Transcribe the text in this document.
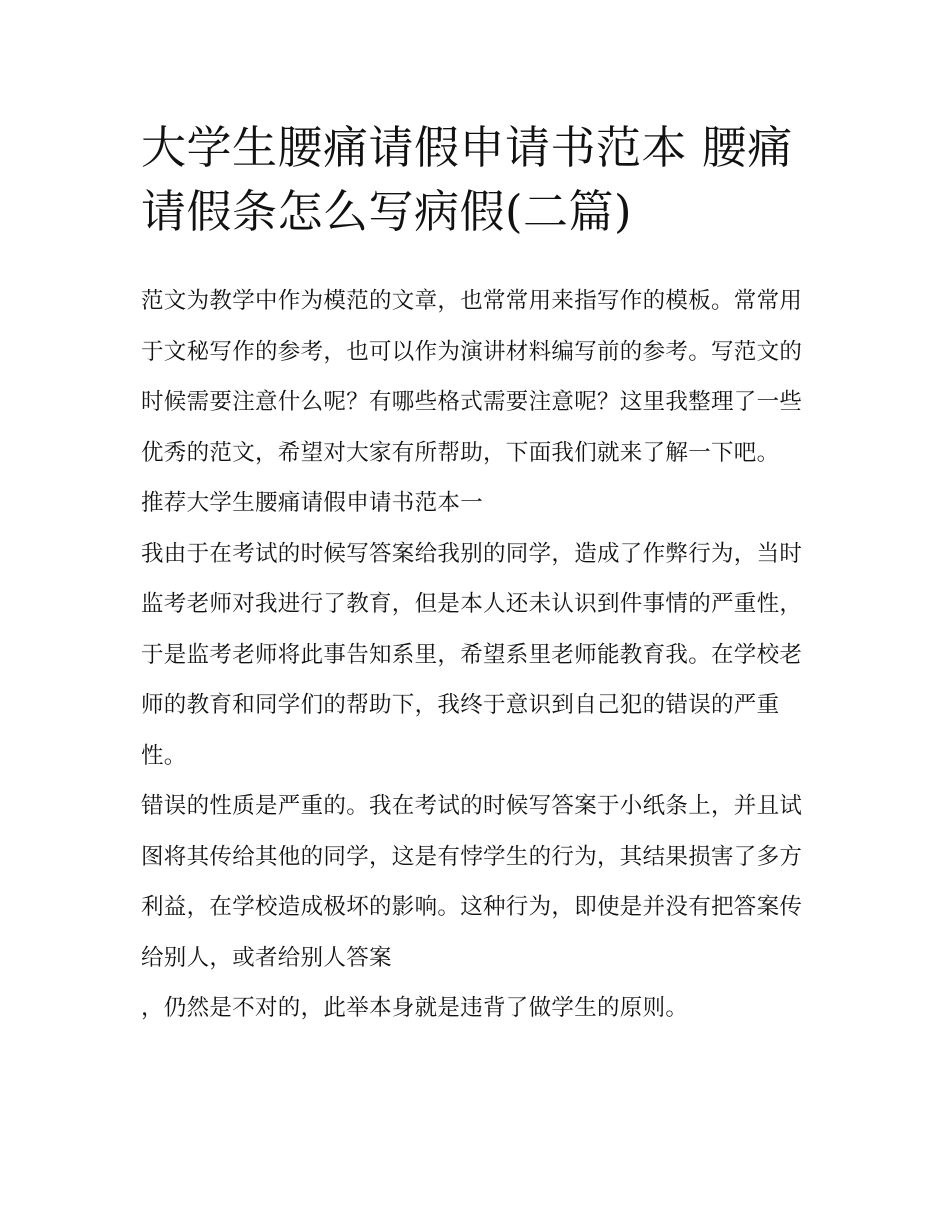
大学生腰痛请假申请书范本 腰痛请假条怎么写病假(二篇)

范文为教学中作为模范的文章，也常常用来指写作的模板。常常用于文秘写作的参考，也可以作为演讲材料编写前的参考。写范文的时候需要注意什么呢？有哪些格式需要注意呢？这里我整理了一些优秀的范文，希望对大家有所帮助，下面我们就来了解一下吧。

推荐大学生腰痛请假申请书范本一

我由于在考试的时候写答案给我别的同学，造成了作弊行为，当时监考老师对我进行了教育，但是本人还未认识到件事情的严重性，于是监考老师将此事告知系里，希望系里老师能教育我。在学校老师的教育和同学们的帮助下，我终于意识到自己犯的错误的严重性。

错误的性质是严重的。我在考试的时候写答案于小纸条上，并且试图将其传给其他的同学，这是有悖学生的行为，其结果损害了多方利益，在学校造成极坏的影响。这种行为，即使是并没有把答案传给别人，或者给别人答案

，仍然是不对的，此举本身就是违背了做学生的原则。
